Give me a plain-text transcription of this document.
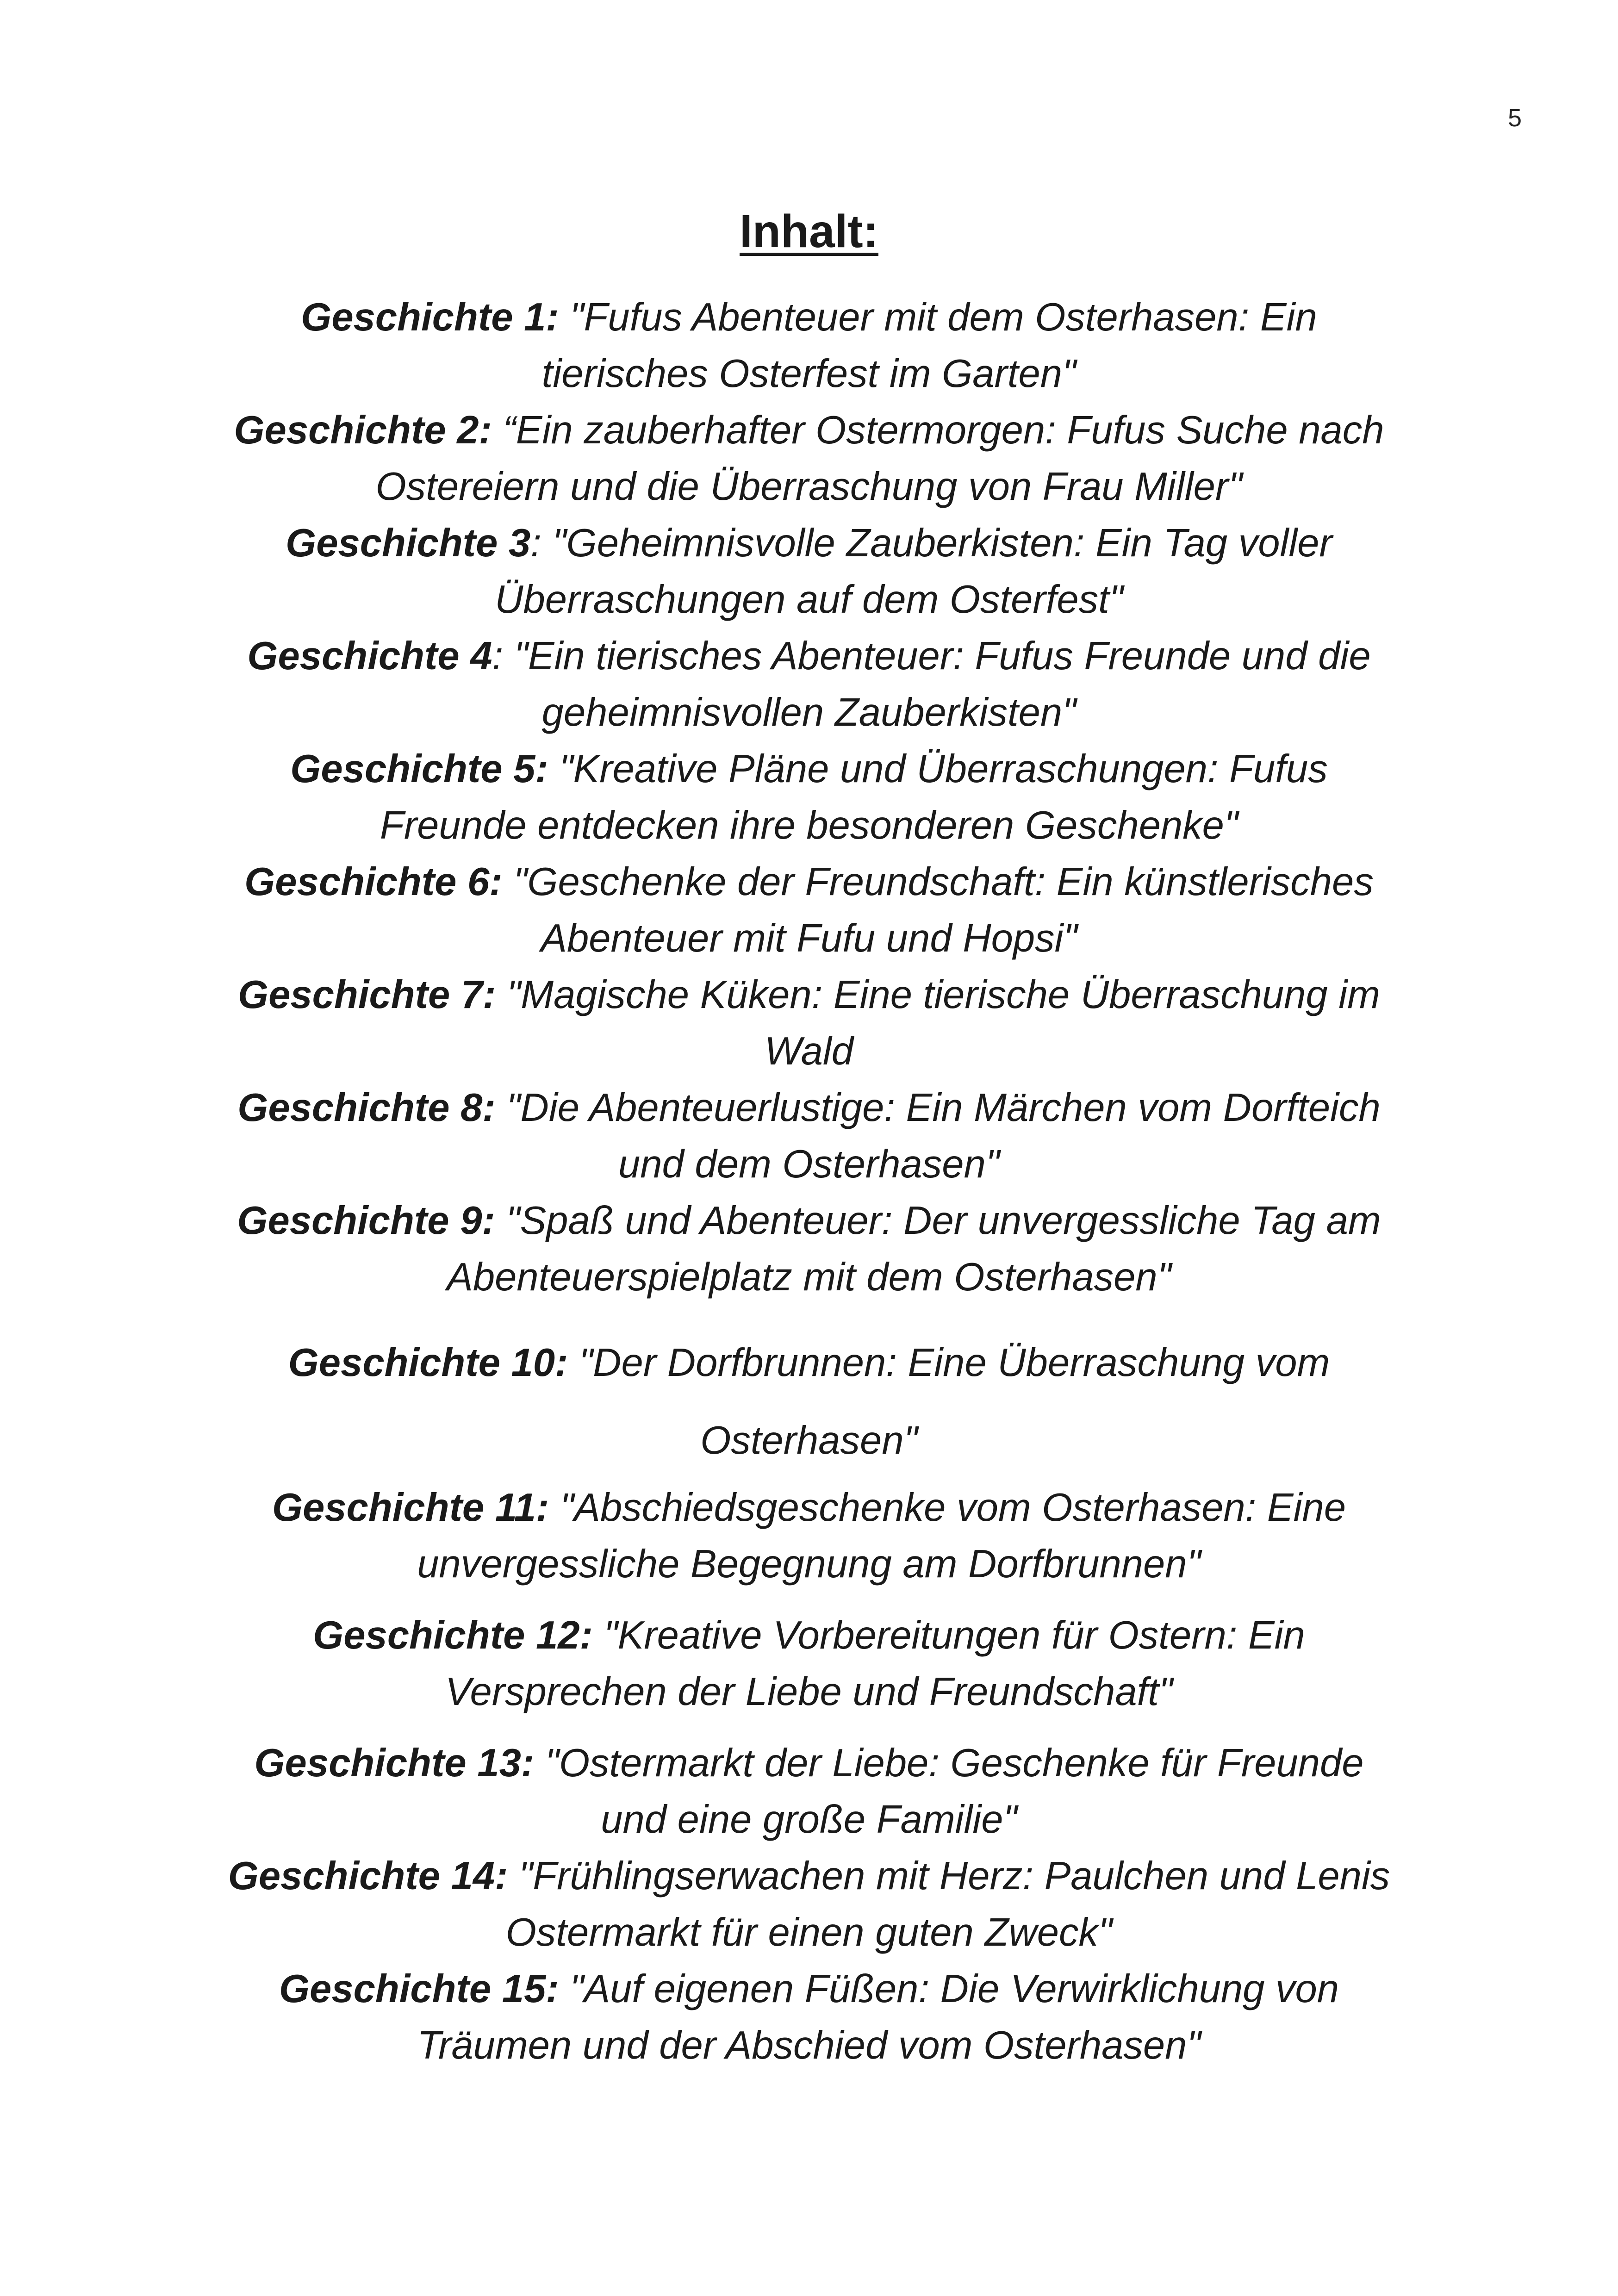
5
Inhalt:
Geschichte 1: "Fufus Abenteuer mit dem Osterhasen: Ein tierisches Osterfest im Garten"
Geschichte 2: “Ein zauberhafter Ostermorgen: Fufus Suche nach Ostereiern und die Überraschung von Frau Miller"
Geschichte 3: "Geheimnisvolle Zauberkisten: Ein Tag voller Überraschungen auf dem Osterfest"
Geschichte 4: "Ein tierisches Abenteuer: Fufus Freunde und die geheimnisvollen Zauberkisten"
Geschichte 5: "Kreative Pläne und Überraschungen: Fufus Freunde entdecken ihre besonderen Geschenke"
Geschichte 6: "Geschenke der Freundschaft: Ein künstlerisches Abenteuer mit Fufu und Hopsi"
Geschichte 7: "Magische Küken: Eine tierische Überraschung im Wald
Geschichte 8: "Die Abenteuerlustige: Ein Märchen vom Dorfteich und dem Osterhasen"
Geschichte 9: "Spaß und Abenteuer: Der unvergessliche Tag am Abenteuerspielplatz mit dem Osterhasen"
Geschichte 10: "Der Dorfbrunnen: Eine Überraschung vom Osterhasen"
Geschichte 11: "Abschiedsgeschenke vom Osterhasen: Eine unvergessliche Begegnung am Dorfbrunnen"
Geschichte 12: "Kreative Vorbereitungen für Ostern: Ein Versprechen der Liebe und Freundschaft"
Geschichte 13: "Ostermarkt der Liebe: Geschenke für Freunde und eine große Familie"
Geschichte 14: "Frühlingserwachen mit Herz: Paulchen und Lenis Ostermarkt für einen guten Zweck"
Geschichte 15: "Auf eigenen Füßen: Die Verwirklichung von Träumen und der Abschied vom Osterhasen"
